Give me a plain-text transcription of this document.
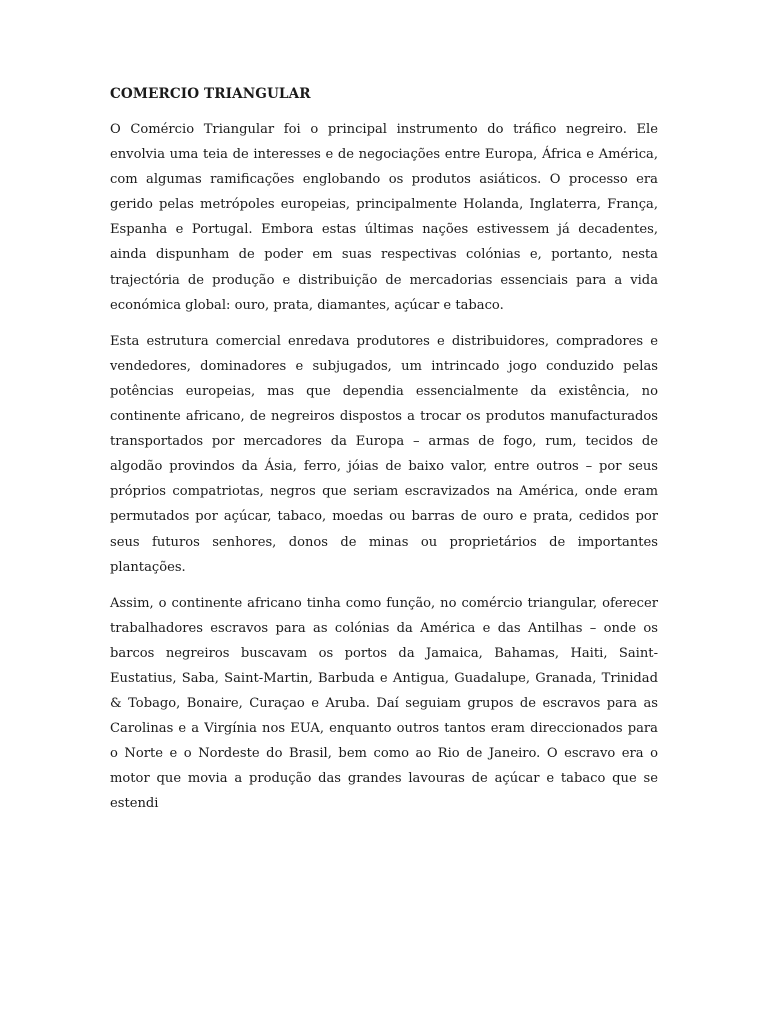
COMERCIO TRIANGULAR

O Comércio Triangular foi o principal instrumento do tráfico negreiro. Ele envolvia uma teia de interesses e de negociações entre Europa, África e América, com algumas ramificações englobando os produtos asiáticos. O processo era gerido pelas metrópoles europeias, principalmente Holanda, Inglaterra, França, Espanha e Portugal. Embora estas últimas nações estivessem já decadentes, ainda dispunham de poder em suas respectivas colónias e, portanto, nesta trajectória de produção e distribuição de mercadorias essenciais para a vida económica global: ouro, prata, diamantes, açúcar e tabaco.

Esta estrutura comercial enredava produtores e distribuidores, compradores e vendedores, dominadores e subjugados, um intrincado jogo conduzido pelas potências europeias, mas que dependia essencialmente da existência, no continente africano, de negreiros dispostos a trocar os produtos manufacturados transportados por mercadores da Europa – armas de fogo, rum, tecidos de algodão provindos da Ásia, ferro, jóias de baixo valor, entre outros – por seus próprios compatriotas, negros que seriam escravizados na América, onde eram permutados por açúcar, tabaco, moedas ou barras de ouro e prata, cedidos por seus futuros senhores, donos de minas ou proprietários de importantes plantações.

Assim, o continente africano tinha como função, no comércio triangular, oferecer trabalhadores escravos para as colónias da América e das Antilhas – onde os barcos negreiros buscavam os portos da Jamaica, Bahamas, Haiti, Saint- Eustatius, Saba, Saint-Martin, Barbuda e Antigua, Guadalupe, Granada, Trinidad & Tobago, Bonaire, Curaçao e Aruba. Daí seguiam grupos de escravos para as Carolinas e a Virgínia nos EUA, enquanto outros tantos eram direccionados para o Norte e o Nordeste do Brasil, bem como ao Rio de Janeiro. O escravo era o motor que movia a produção das grandes lavouras de açúcar e tabaco que se estendi
